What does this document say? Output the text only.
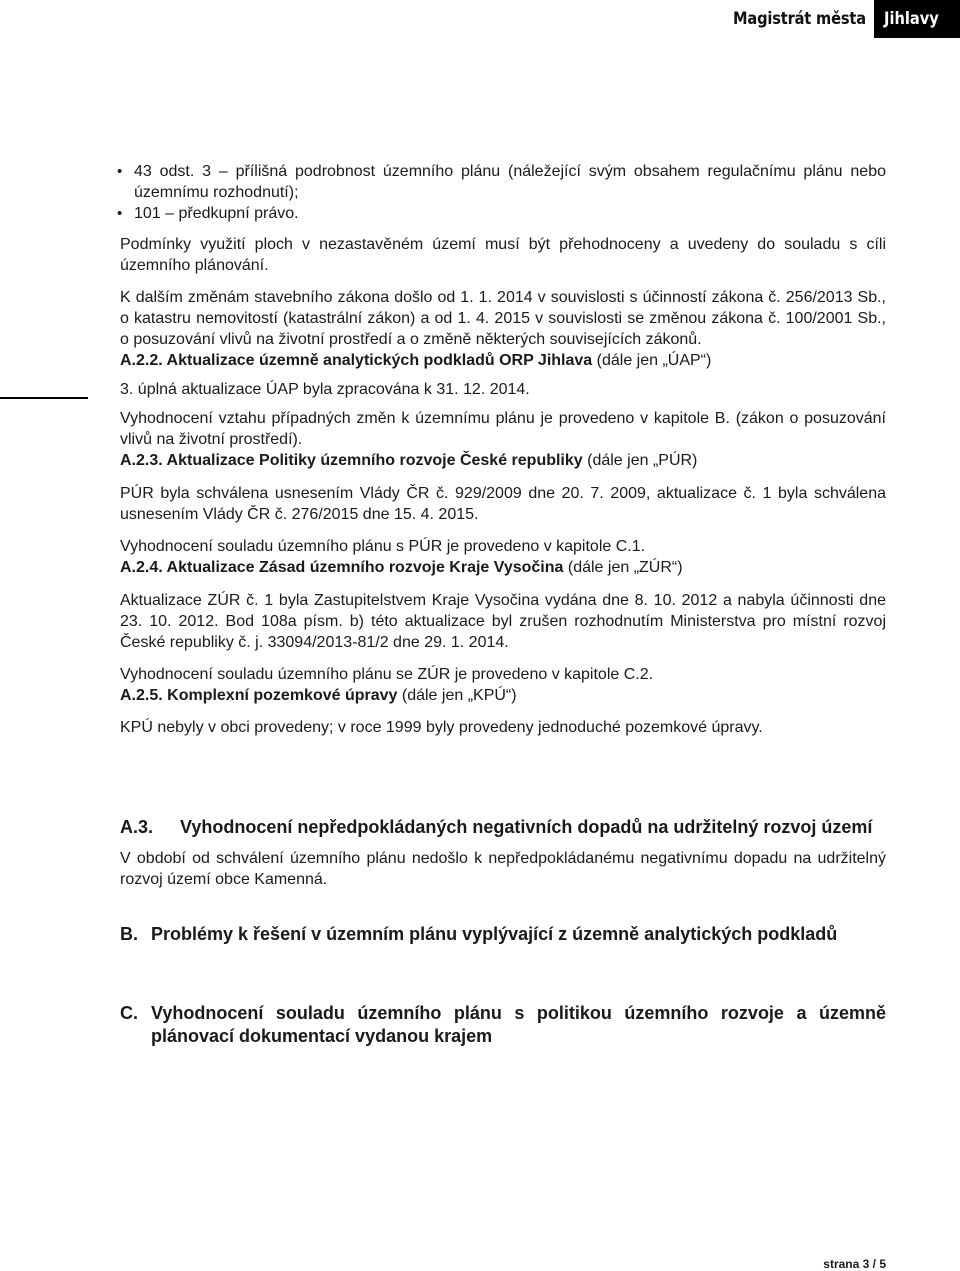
Magistrát města	Jihlavy
• 43 odst. 3 – přílišná podrobnost územního plánu (náležející svým obsahem regulačnímu plánu nebo územnímu rozhodnutí);
• 101 – předkupní právo.

Podmínky využití ploch v nezastavěném území musí být přehodnoceny a uvedeny do souladu s cíli územního plánování.

K dalším změnám stavebního zákona došlo od 1. 1. 2014 v souvislosti s účinností zákona č. 256/2013 Sb., o katastru nemovitostí (katastrální zákon) a od 1. 4. 2015 v souvislosti se změnou zákona č. 100/2001 Sb., o posuzování vlivů na životní prostředí a o změně některých souvisejících zákonů.

A.2.2. Aktualizace územně analytických podkladů ORP Jihlava (dále jen „ÚAP“)

3. úplná aktualizace ÚAP byla zpracována k 31. 12. 2014.

Vyhodnocení vztahu případných změn k územnímu plánu je provedeno v kapitole B. (zákon o posuzování vlivů na životní prostředí).

A.2.3. Aktualizace Politiky územního rozvoje České republiky (dále jen „PÚR)

PÚR byla schválena usnesením Vlády ČR č. 929/2009 dne 20. 7. 2009, aktualizace č. 1 byla schválena usnesením Vlády ČR č. 276/2015 dne 15. 4. 2015.

Vyhodnocení souladu územního plánu s PÚR je provedeno v kapitole C.1.

A.2.4. Aktualizace Zásad územního rozvoje Kraje Vysočina (dále jen „ZÚR“)

Aktualizace ZÚR č. 1 byla Zastupitelstvem Kraje Vysočina vydána dne 8. 10. 2012 a nabyla účinnosti dne 23. 10. 2012. Bod 108a písm. b) této aktualizace byl zrušen rozhodnutím Ministerstva pro místní rozvoj České republiky č. j. 33094/2013-81/2 dne 29. 1. 2014.

Vyhodnocení souladu územního plánu se ZÚR je provedeno v kapitole C.2.

A.2.5. Komplexní pozemkové úpravy (dále jen „KPÚ“)

KPÚ nebyly v obci provedeny; v roce 1999 byly provedeny jednoduché pozemkové úpravy.

A.3.	Vyhodnocení nepředpokládaných negativních dopadů na udržitelný rozvoj území

V období od schválení územního plánu nedošlo k nepředpokládanému negativnímu dopadu na udržitelný rozvoj území obce Kamenná.

B. Problémy k řešení v územním plánu vyplývající z územně analytických podkladů
C. Vyhodnocení souladu územního plánu s politikou územního rozvoje a územně plánovací dokumentací vydanou krajem
strana 3 / 5
